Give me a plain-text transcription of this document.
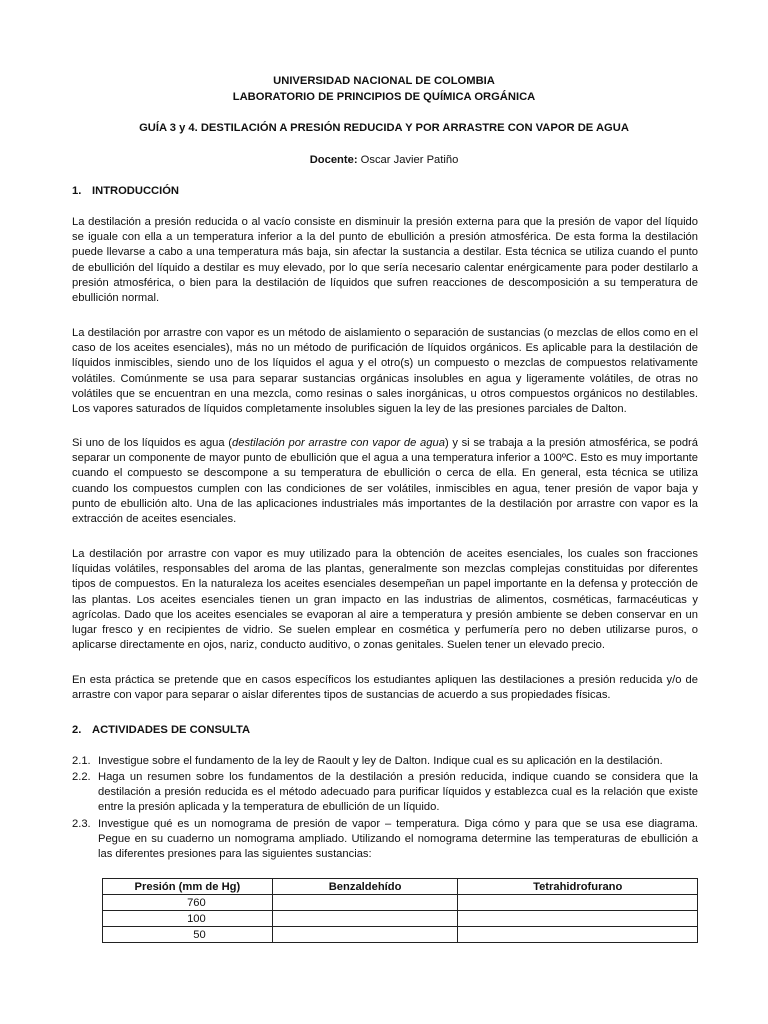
UNIVERSIDAD NACIONAL DE COLOMBIA
LABORATORIO DE PRINCIPIOS DE QUÍMICA ORGÁNICA
GUÍA 3 y 4. DESTILACIÓN A PRESIÓN REDUCIDA Y POR ARRASTRE CON VAPOR DE AGUA
Docente: Oscar Javier Patiño
1. INTRODUCCIÓN

La destilación a presión reducida o al vacío consiste en disminuir la presión externa para que la presión de vapor del líquido se iguale con ella a un temperatura inferior a la del punto de ebullición a presión atmosférica. De esta forma la destilación puede llevarse a cabo a una temperatura más baja, sin afectar la sustancia a destilar. Esta técnica se utiliza cuando el punto de ebullición del líquido a destilar es muy elevado, por lo que sería necesario calentar enérgicamente para poder destilarlo a presión atmosférica, o bien para la destilación de líquidos que sufren reacciones de descomposición a su temperatura de ebullición normal.

La destilación por arrastre con vapor es un método de aislamiento o separación de sustancias (o mezclas de ellos como en el caso de los aceites esenciales), más no un método de purificación de líquidos orgánicos. Es aplicable para la destilación de líquidos inmiscibles, siendo uno de los líquidos el agua y el otro(s) un compuesto o mezclas de compuestos relativamente volátiles. Comúnmente se usa para separar sustancias orgánicas insolubles en agua y ligeramente volátiles, de otras no volátiles que se encuentran en una mezcla, como resinas o sales inorgánicas, u otros compuestos orgánicos no destilables. Los vapores saturados de líquidos completamente insolubles siguen la ley de las presiones parciales de Dalton.

Si uno de los líquidos es agua (destilación por arrastre con vapor de agua) y si se trabaja a la presión atmosférica, se podrá separar un componente de mayor punto de ebullición que el agua a una temperatura inferior a 100ºC. Esto es muy importante cuando el compuesto se descompone a su temperatura de ebullición o cerca de ella. En general, esta técnica se utiliza cuando los compuestos cumplen con las condiciones de ser volátiles, inmiscibles en agua, tener presión de vapor baja y punto de ebullición alto. Una de las aplicaciones industriales más importantes de la destilación por arrastre con vapor es la extracción de aceites esenciales.

La destilación por arrastre con vapor es muy utilizado para la obtención de aceites esenciales, los cuales son fracciones líquidas volátiles, responsables del aroma de las plantas, generalmente son mezclas complejas constituidas por diferentes tipos de compuestos. En la naturaleza los aceites esenciales desempeñan un papel importante en la defensa y protección de las plantas. Los aceites esenciales tienen un gran impacto en las industrias de alimentos, cosméticas, farmacéuticas y agrícolas. Dado que los aceites esenciales se evaporan al aire a temperatura y presión ambiente se deben conservar en un lugar fresco y en recipientes de vidrio. Se suelen emplear en cosmética y perfumería pero no deben utilizarse puros, o aplicarse directamente en ojos, nariz, conducto auditivo, o zonas genitales. Suelen tener un elevado precio.

En esta práctica se pretende que en casos específicos los estudiantes apliquen las destilaciones a presión reducida y/o de arrastre con vapor para separar o aislar diferentes tipos de sustancias de acuerdo a sus propiedades físicas.

2. ACTIVIDADES DE CONSULTA
2.1. Investigue sobre el fundamento de la ley de Raoult y ley de Dalton. Indique cual es su aplicación en la destilación.
2.2. Haga un resumen sobre los fundamentos de la destilación a presión reducida, indique cuando se considera que la destilación a presión reducida es el método adecuado para purificar líquidos y establezca cual es la relación que existe entre la presión aplicada y la temperatura de ebullición de un líquido.
2.3. Investigue qué es un nomograma de presión de vapor – temperatura. Diga cómo y para que se usa ese diagrama. Pegue en su cuaderno un nomograma ampliado. Utilizando el nomograma determine las temperaturas de ebullición a las diferentes presiones para las siguientes sustancias:
Presión (mm de Hg)	Benzaldehído	Tetrahidrofurano
760		
100		
50		
